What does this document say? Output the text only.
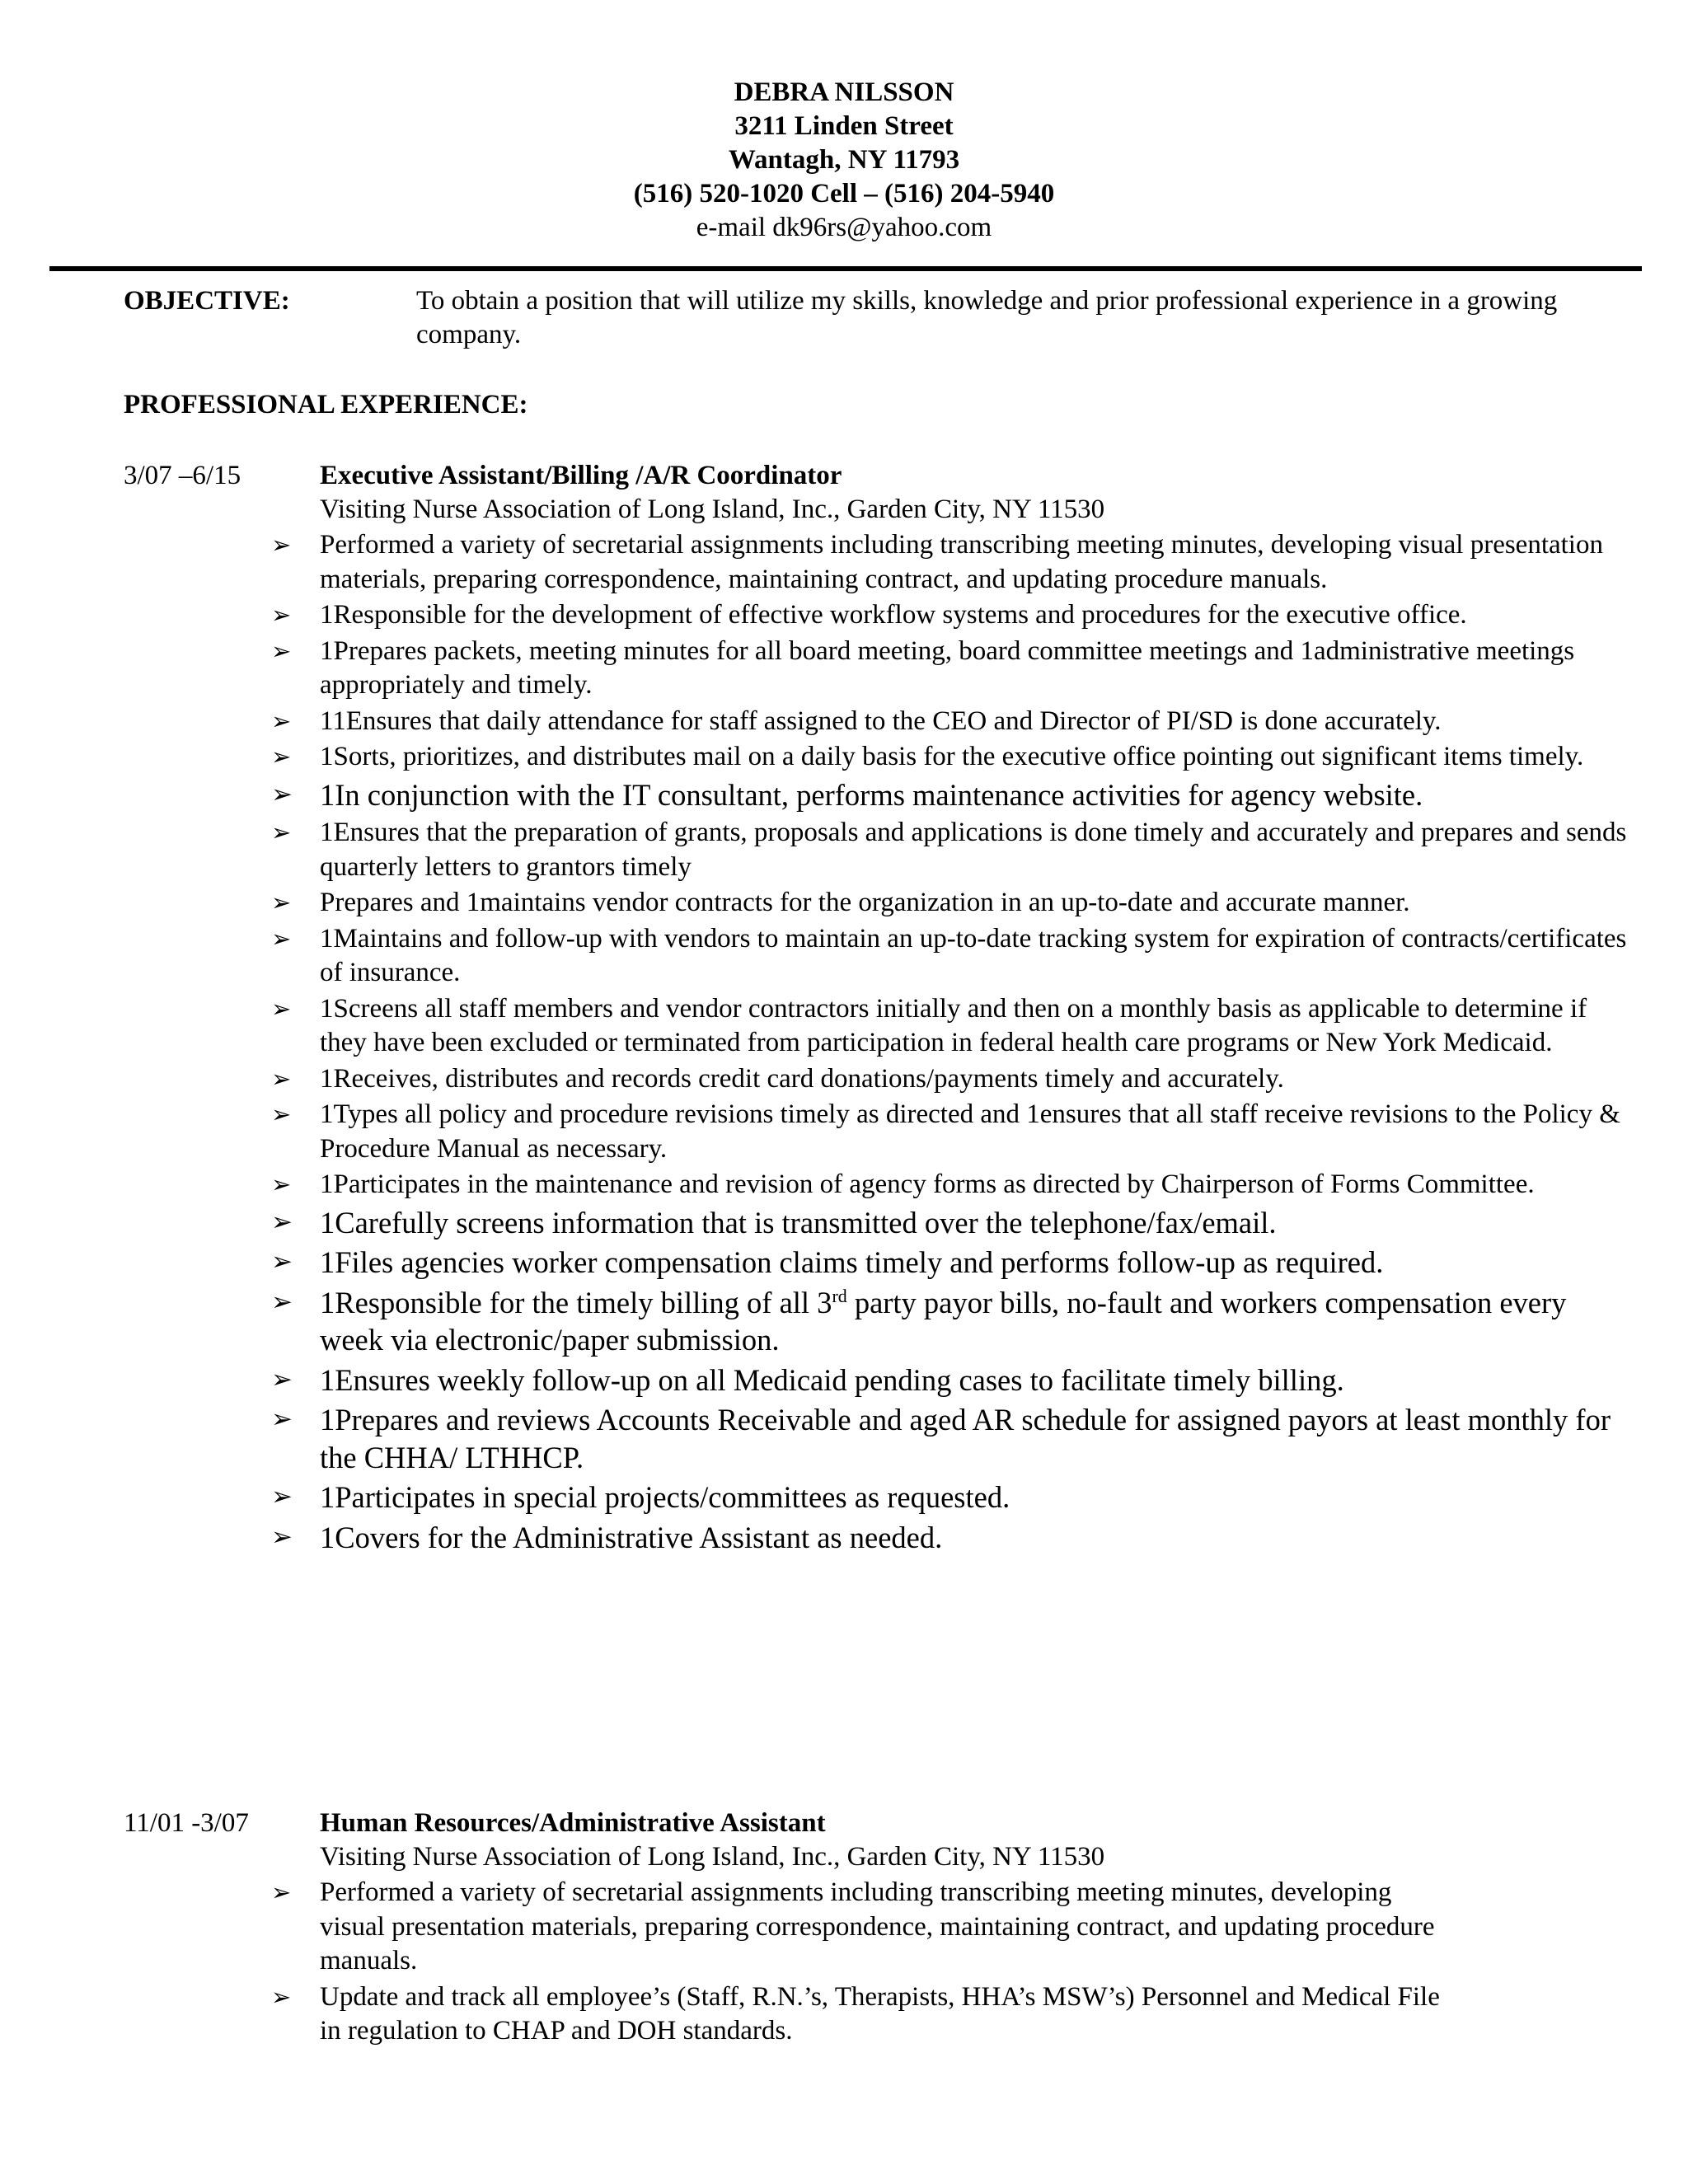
DEBRA NILSSON
3211 Linden Street
Wantagh, NY 11793
(516) 520-1020 Cell – (516) 204-5940
e-mail dk96rs@yahoo.com
OBJECTIVE:	To obtain a position that will utilize my skills, knowledge and prior professional experience in a growing company.
PROFESSIONAL EXPERIENCE:
3/07 –6/15	Executive Assistant/Billing /A/R Coordinator
Visiting Nurse Association of Long Island, Inc., Garden City, NY 11530
➢	Performed a variety of secretarial assignments including transcribing meeting minutes, developing visual presentation materials, preparing correspondence, maintaining contract, and updating procedure manuals.
➢	1Responsible for the development of effective workflow systems and procedures for the executive office.
➢	1Prepares packets, meeting minutes for all board meeting, board committee meetings and 1administrative meetings appropriately and timely.
➢	11Ensures that daily attendance for staff assigned to the CEO and Director of PI/SD is done accurately.
➢	1Sorts, prioritizes, and distributes mail on a daily basis for the executive office pointing out significant items timely.
➢ 1In conjunction with the IT consultant, performs maintenance activities for agency website.
➢	1Ensures that the preparation of grants, proposals and applications is done timely and accurately and prepares and sends quarterly letters to grantors timely
➢	Prepares and 1maintains vendor contracts for the organization in an up-to-date and accurate manner.
➢	1Maintains and follow-up with vendors to maintain an up-to-date tracking system for expiration of contracts/certificates of insurance.
➢	1Screens all staff members and vendor contractors initially and then on a monthly basis as applicable to determine if they have been excluded or terminated from participation in federal health care programs or New York Medicaid.
➢	1Receives, distributes and records credit card donations/payments timely and accurately.
➢	1Types all policy and procedure revisions timely as directed and 1ensures that all staff receive revisions to the Policy & Procedure Manual as necessary.
➢	1Participates in the maintenance and revision of agency forms as directed by Chairperson of Forms Committee.
➢ 1Carefully screens information that is transmitted over the telephone/fax/email.
➢ 1Files agencies worker compensation claims timely and performs follow-up as required.
➢ 1Responsible for the timely billing of all 3rd party payor bills, no-fault and workers compensation every week via electronic/paper submission.
➢ 1Ensures weekly follow-up on all Medicaid pending cases to facilitate timely billing.
➢ 1Prepares and reviews Accounts Receivable and aged AR schedule for assigned payors at least monthly for the CHHA/ LTHHCP.
➢ 1Participates in special projects/committees as requested.
➢ 1Covers for the Administrative Assistant as needed.
11/01 -3/07	Human Resources/Administrative Assistant
Visiting Nurse Association of Long Island, Inc., Garden City, NY 11530
➢	Performed a variety of secretarial assignments including transcribing meeting minutes, developing visual presentation materials, preparing correspondence, maintaining contract, and updating procedure manuals.
➢	Update and track all employee’s (Staff, R.N.’s, Therapists, HHA’s MSW’s) Personnel and Medical File in regulation to CHAP and DOH standards.
